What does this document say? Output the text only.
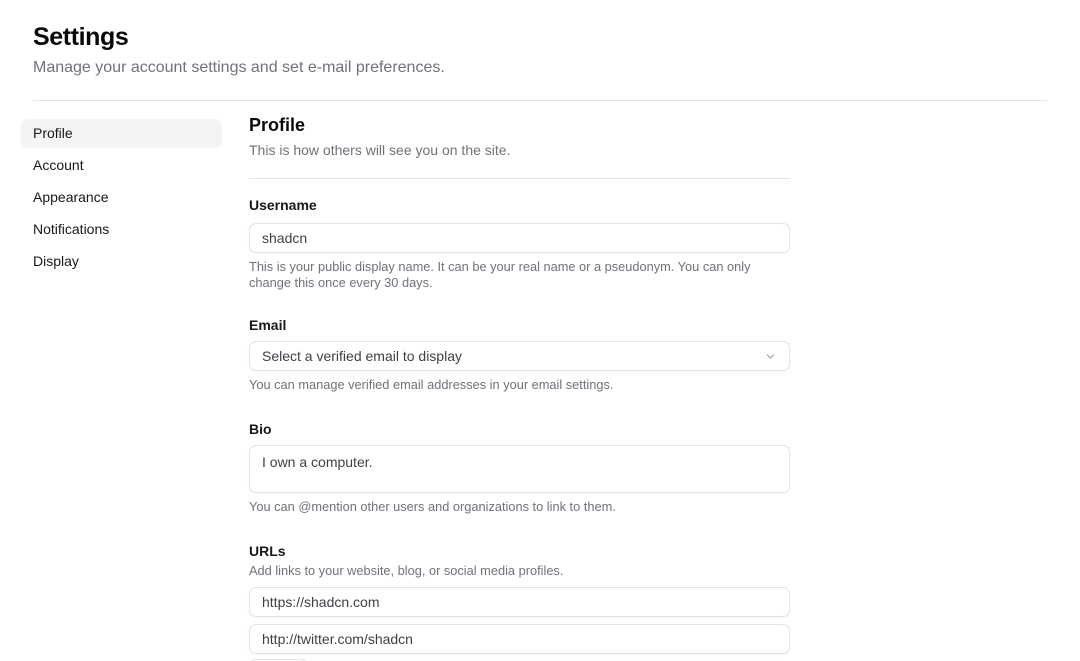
Settings
Manage your account settings and set e-mail preferences.
Profile
Account
Appearance
Notifications
Display
Profile
This is how others will see you on the site.
Username
shadcn
This is your public display name. It can be your real name or a pseudonym. You can only change this once every 30 days.
Email
Select a verified email to display
You can manage verified email addresses in your email settings.
Bio
I own a computer.
You can @mention other users and organizations to link to them.
URLs
Add links to your website, blog, or social media profiles.
https://shadcn.com http://twitter.com/shadcn
